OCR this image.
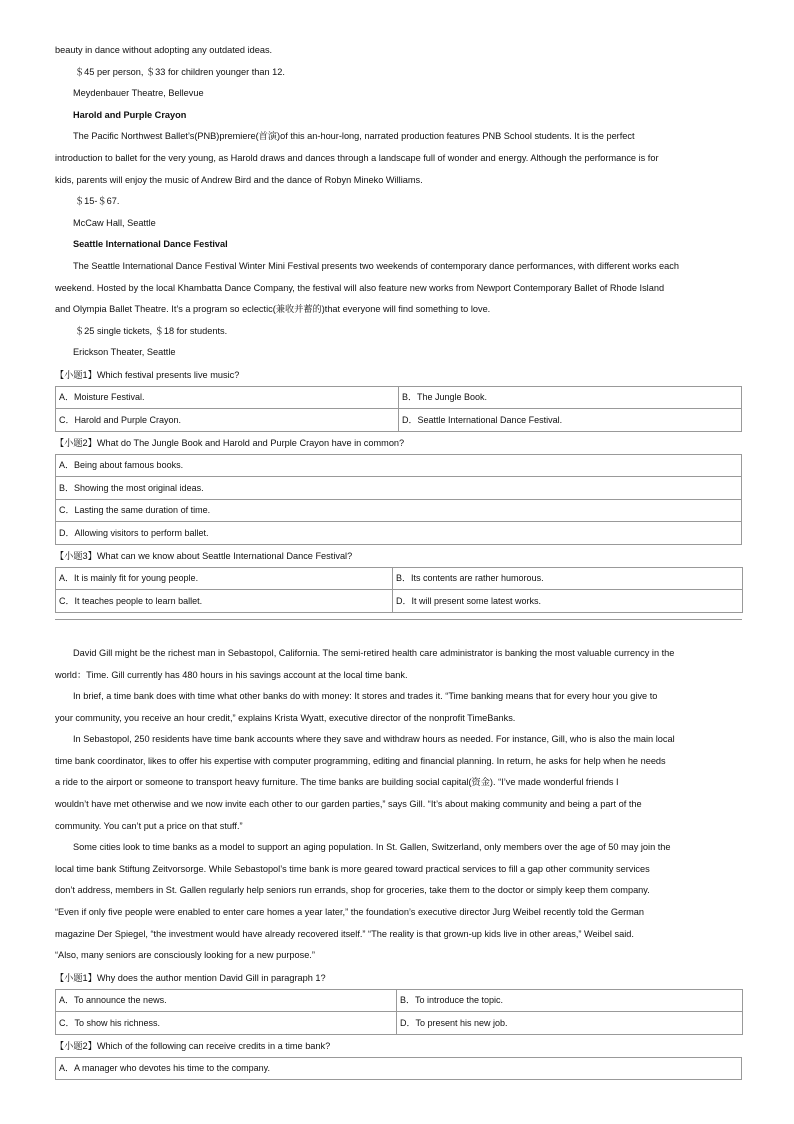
beauty in dance without adopting any outdated ideas.
＄45 per person, ＄33 for children younger than 12.
Meydenbauer Theatre, Bellevue
Harold and Purple Crayon
The Pacific Northwest Ballet’s(PNB)premiere(首演)of this an-hour-long, narrated production features PNB School students. It is the perfect
introduction to ballet for the very young, as Harold draws and dances through a landscape full of wonder and energy. Although the performance is for
kids, parents will enjoy the music of Andrew Bird and the dance of Robyn Mineko Williams.
＄15-＄67.
McCaw Hall, Seattle
Seattle International Dance Festival
The Seattle International Dance Festival Winter Mini Festival presents two weekends of contemporary dance performances, with different works each
weekend. Hosted by the local Khambatta Dance Company, the festival will also feature new works from Newport Contemporary Ballet of Rhode Island
and Olympia Ballet Theatre. It’s a program so eclectic(兼收并蓄的)that everyone will find something to love.
＄25 single tickets, ＄18 for students.
Erickson Theater, Seattle
【小题1】Which festival presents live music?
A．Moisture Festival.	B．The Jungle Book.
C．Harold and Purple Crayon.	D．Seattle International Dance Festival.
【小题2】What do The Jungle Book and Harold and Purple Crayon have in common?
A．Being about famous books.
B．Showing the most original ideas.
C．Lasting the same duration of time.
D．Allowing visitors to perform ballet.
【小题3】What can we know about Seattle International Dance Festival?
A．It is mainly fit for young people.	B．Its contents are rather humorous.
C．It teaches people to learn ballet.	D．It will present some latest works.
David Gill might be the richest man in Sebastopol, California. The semi-retired health care administrator is banking the most valuable currency in the
world：Time. Gill currently has 480 hours in his savings account at the local time bank.
In brief, a time bank does with time what other banks do with money: It stores and trades it. “Time banking means that for every hour you give to
your community, you receive an hour credit,” explains Krista Wyatt, executive director of the nonprofit TimeBanks.
In Sebastopol, 250 residents have time bank accounts where they save and withdraw hours as needed. For instance, Gill, who is also the main local
time bank coordinator, likes to offer his expertise with computer programming, editing and financial planning. In return, he asks for help when he needs
a ride to the airport or someone to transport heavy furniture. The time banks are building social capital(资金). “I’ve made wonderful friends I
wouldn’t have met otherwise and we now invite each other to our garden parties,” says Gill. “It’s about making community and being a part of the
community. You can’t put a price on that stuff.”
Some cities look to time banks as a model to support an aging population. In St. Gallen, Switzerland, only members over the age of 50 may join the
local time bank Stiftung Zeitvorsorge. While Sebastopol’s time bank is more geared toward practical services to fill a gap other community services
don’t address, members in St. Gallen regularly help seniors run errands, shop for groceries, take them to the doctor or simply keep them company.
“Even if only five people were enabled to enter care homes a year later,” the foundation’s executive director Jurg Weibel recently told the German
magazine Der Spiegel, “the investment would have already recovered itself.” “The reality is that grown-up kids live in other areas,” Weibel said.
“Also, many seniors are consciously looking for a new purpose.”
【小题1】Why does the author mention David Gill in paragraph 1?
A．To announce the news.	B．To introduce the topic.
C．To show his richness.	D．To present his new job.
【小题2】Which of the following can receive credits in a time bank?
A．A manager who devotes his time to the company.
